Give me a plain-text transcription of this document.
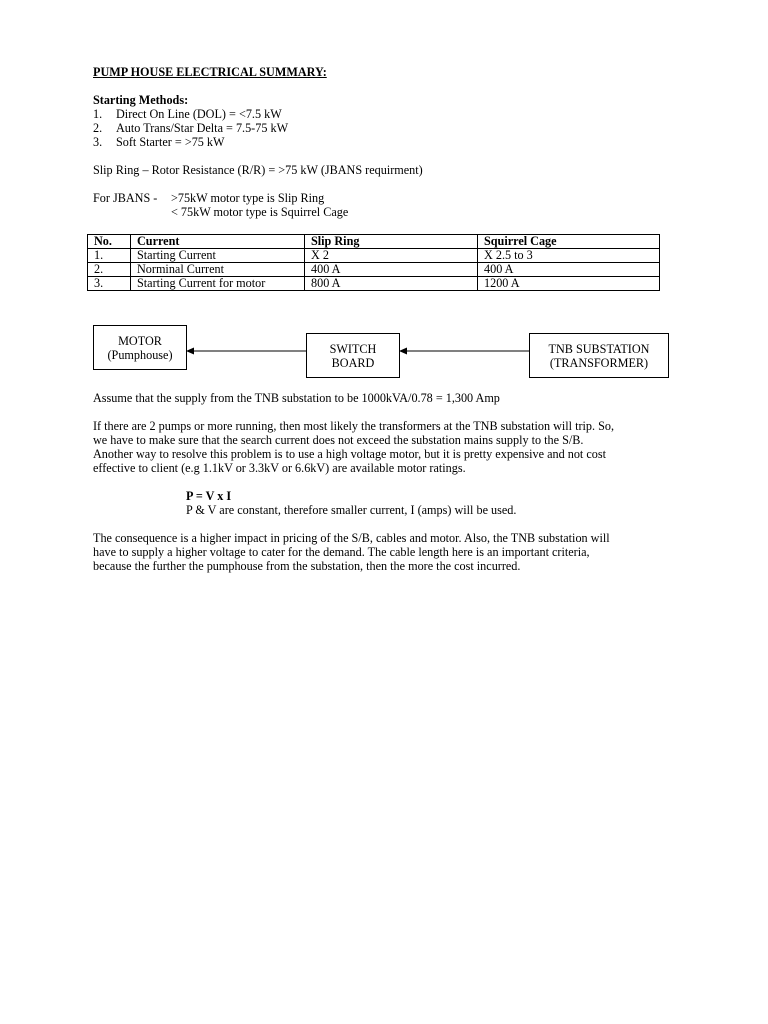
PUMP HOUSE ELECTRICAL SUMMARY:
Starting Methods:
1. Direct On Line (DOL) = <7.5 kW
2. Auto Trans/Star Delta = 7.5-75 kW
3. Soft Starter = >75 kW
Slip Ring – Rotor Resistance (R/R) = >75 kW (JBANS requirment)
For JBANS - >75kW motor type is Slip Ring
< 75kW motor type is Squirrel Cage
No.	Current	Slip Ring	Squirrel Cage
1.	Starting Current	X 2	X 2.5 to 3
2.	Norminal Current	400 A	400 A
3.	Starting Current for motor	800 A	1200 A
MOTOR
(Pumphouse)	SWITCH
BOARD
TNB SUBSTATION
(TRANSFORMER)
Assume that the supply from the TNB substation to be 1000kVA/0.78 = 1,300 Amp
If there are 2 pumps or more running, then most likely the transformers at the TNB substation will trip. So,
we have to make sure that the search current does not exceed the substation mains supply to the S/B.
Another way to resolve this problem is to use a high voltage motor, but it is pretty expensive and not cost
effective to client (e.g 1.1kV or 3.3kV or 6.6kV) are available motor ratings.
P = V x I
P & V are constant, therefore smaller current, I (amps) will be used.
The consequence is a higher impact in pricing of the S/B, cables and motor. Also, the TNB substation will
have to supply a higher voltage to cater for the demand. The cable length here is an important criteria,
because the further the pumphouse from the substation, then the more the cost incurred.
